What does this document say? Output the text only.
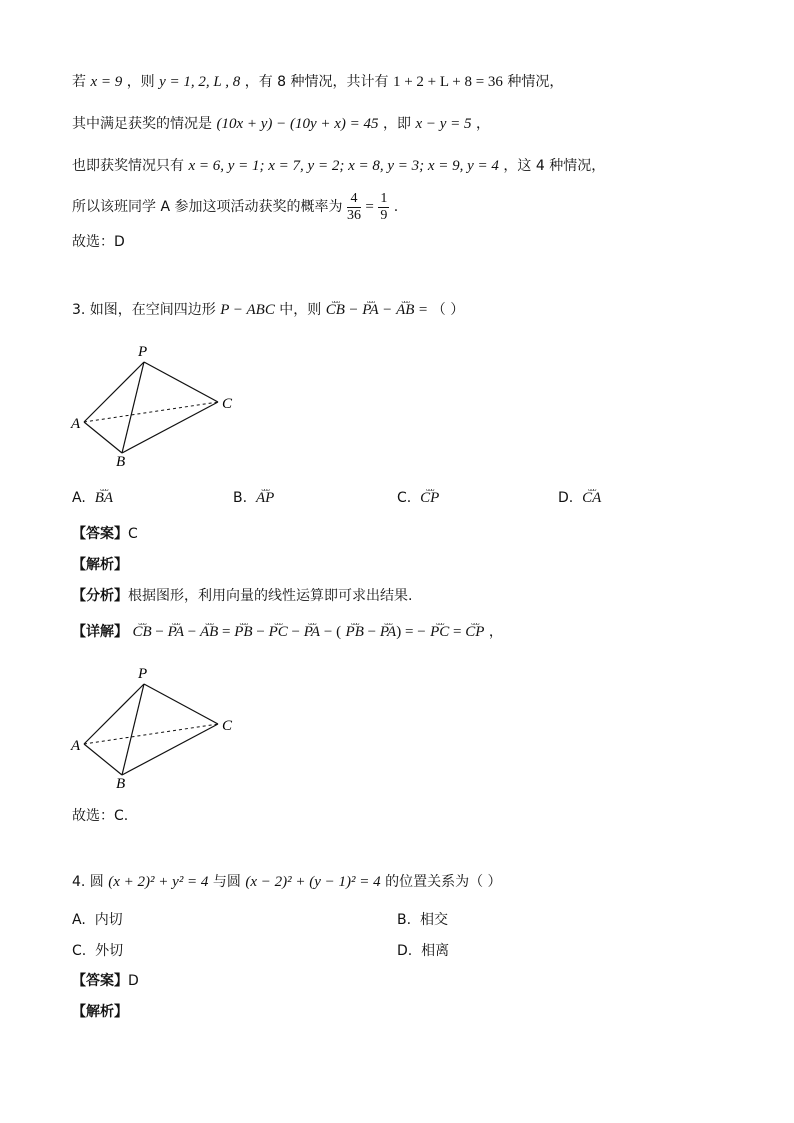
若 x = 9 ，则 y = 1, 2, L , 8 ，有 8 种情况，共计有 1 + 2 + L + 8 = 36 种情况，
其中满足获奖的情况是 (10x + y) − (10y + x) = 45 ，即 x − y = 5 ，
也即获奖情况只有 x = 6, y = 1; x = 7, y = 2; x = 8, y = 3; x = 9, y = 4 ，这 4 种情况，
所以该班同学 A 参加这项活动获奖的概率为 $\frac{4}{36} = \frac{1}{9}$ .
故选：D
3. 如图，在空间四边形 P − ABC 中，则 ᴗᴗᴗ CB − ᴗᴗᴗ PA − ᴗᴗᴗ AB = （ ）
P
A
B
C
A. ᴗᴗᴗ BA	B. ᴗᴗᴗ AP	C. ᴗᴗᴗ CP	D. ᴗᴗᴗ CA
【答案】C
【解析】
【分析】根据图形，利用向量的线性运算即可求出结果.
【详解】 ᴗᴗᴗ CB − ᴗᴗᴗ PA − ᴗᴗᴗ AB = ᴗᴗᴗ PB − ᴗᴗᴗ PC − ᴗᴗᴗ PA − ( ᴗᴗᴗ PB − ᴗᴗᴗ PA) = − ᴗᴗᴗ PC = ᴗᴗᴗ CP ，
P
A
B
C
故选：C.
4. 圆 (x + 2)² + y² = 4 与圆 (x − 2)² + (y − 1)² = 4 的位置关系为（ ）
A. 内切	B. 相交
C. 外切	D. 相离
【答案】D
【解析】
